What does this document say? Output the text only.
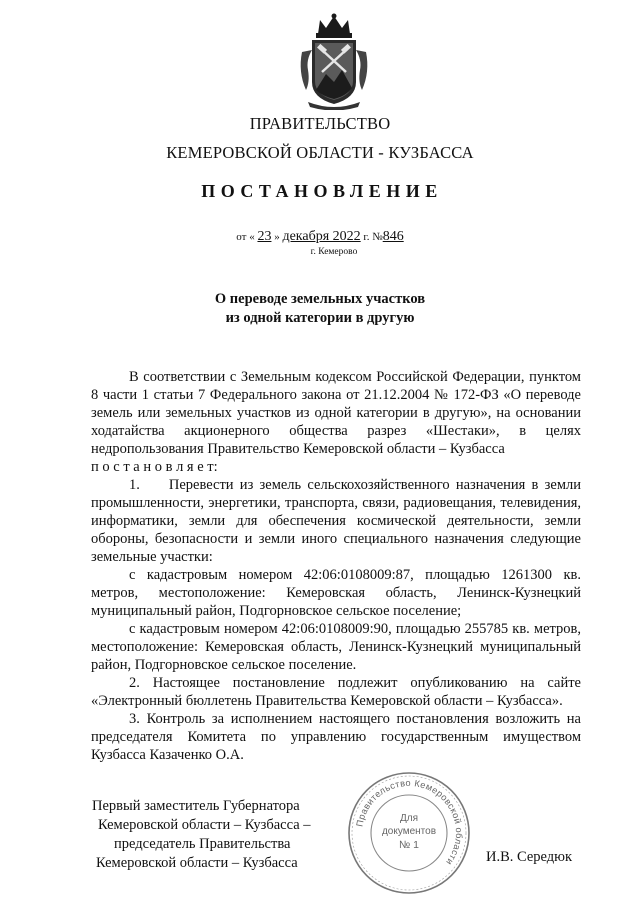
ПРАВИТЕЛЬСТВО
КЕМЕРОВСКОЙ ОБЛАСТИ - КУЗБАССА
ПОСТАНОВЛЕНИЕ
от « 23 » декабря 2022 г. №846
г. Кемерово
О переводе земельных участков
из одной категории в другую

В соответствии с Земельным кодексом Российской Федерации, пунктом 8 части 1 статьи 7 Федерального закона от 21.12.2004 № 172-ФЗ «О переводе земель или земельных участков из одной категории в другую», на основании ходатайства акционерного общества разрез «Шестаки», в целях недропользования Правительство Кемеровской области – Кузбасса

п о с т а н о в л я е т:

1.  Перевести из земель сельскохозяйственного назначения в земли промышленности, энергетики, транспорта, связи, радиовещания, телевидения, информатики, земли для обеспечения космической деятельности, земли обороны, безопасности и земли иного специального назначения следующие земельные участки:

с кадастровым номером 42:06:0108009:87, площадью 1261300 кв. метров, местоположение: Кемеровская область, Ленинск-Кузнецкий муниципальный район, Подгорновское сельское поселение;

с кадастровым номером 42:06:0108009:90, площадью 255785 кв. метров, местоположение: Кемеровская область, Ленинск-Кузнецкий муниципальный район, Подгорновское сельское поселение.

2. Настоящее постановление подлежит опубликованию на сайте «Электронный бюллетень Правительства Кемеровской области – Кузбасса».

3. Контроль за исполнением настоящего постановления возложить на председателя Комитета по управлению государственным имуществом Кузбасса Казаченко О.А.

Первый заместитель Губернатора
Кемеровской области – Кузбасса –
председатель Правительства
Кемеровской области – Кузбасса
Правительство Кемеровской области
Для
документов
№ 1
И.В. Середюк
